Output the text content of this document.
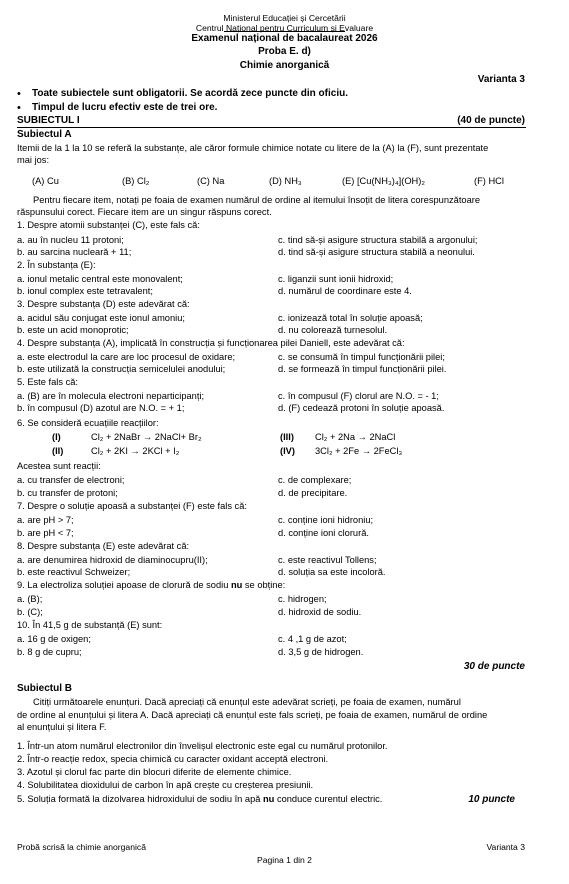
Ministerul Educației și Cercetării
Centrul Național pentru Curriculum și Evaluare
Examenul național de bacalaureat 2026
Proba E. d)
Chimie anorganică
Varianta 3
• Toate subiectele sunt obligatorii. Se acordă zece puncte din oficiu.
• Timpul de lucru efectiv este de trei ore.
SUBIECTUL I	(40 de puncte)
Subiectul A
Itemii de la 1 la 10 se referă la substanțe, ale căror formule chimice notate cu litere de la (A) la (F), sunt prezentate
mai jos:
(A) Cu	(B) Cl₂	(C) Na	(D) NH₃	(E) [Cu(NH₃)₄](OH)₂	(F) HCl
Pentru fiecare item, notați pe foaia de examen numărul de ordine al itemului însoțit de litera corespunzătoare
răspunsului corect. Fiecare item are un singur răspuns corect.
1. Despre atomii substanței (C), este fals că:
a. au în nucleu 11 protoni;	c. tind să-și asigure structura stabilă a argonului;
b. au sarcina nucleară + 11;	d. tind să-și asigure structura stabilă a neonului.
2. În substanța (E):
a. ionul metalic central este monovalent;	c. liganzii sunt ionii hidroxid;
b. ionul complex este tetravalent;	d. numărul de coordinare este 4.
3. Despre substanța (D) este adevărat că:
a. acidul său conjugat este ionul amoniu;	c. ionizează total în soluție apoasă;
b. este un acid monoprotic;	d. nu colorează turnesolul.
4. Despre substanța (A), implicată în construcția și funcționarea pilei Daniell, este adevărat că:
a. este electrodul la care are loc procesul de oxidare;	c. se consumă în timpul funcționării pilei;
b. este utilizată la construcția semicelulei anodului;	d. se formează în timpul funcționării pilei.
5. Este fals că:
a. (B) are în molecula electroni neparticipanți;	c. în compusul (F) clorul are N.O. = - 1;
b. în compusul (D) azotul are N.O. = + 1;	d. (F) cedează protoni în soluție apoasă.
6. Se consideră ecuațiile reacțiilor:
(I)	Cl₂ + 2NaBr → 2NaCl+ Br₂	(III) Cl₂ + 2Na → 2NaCl
(II)	Cl₂ + 2KI → 2KCl + I₂	(IV) 3Cl₂ + 2Fe → 2FeCl₃
Acestea sunt reacții:
a. cu transfer de electroni;	c. de complexare;
b. cu transfer de protoni;	d. de precipitare.
7. Despre o soluție apoasă a substanței (F) este fals că:
a. are pH > 7;	c. conține ioni hidroniu;
b. are pH < 7;	d. conține ioni clorură.
8. Despre substanța (E) este adevărat că:
a. are denumirea hidroxid de diaminocupru(II);	c. este reactivul Tollens;
b. este reactivul Schweizer;	d. soluția sa este incoloră.
9. La electroliza soluției apoase de clorură de sodiu nu se obține:
a. (B);	c. hidrogen;
b. (C);	d. hidroxid de sodiu.
10. În 41,5 g de substanță (E) sunt:
a. 16 g de oxigen;	c. 4 ,1 g de azot;
b. 8 g de cupru;	d. 3,5 g de hidrogen.
30 de puncte
Subiectul B
Citiți următoarele enunțuri. Dacă apreciați că enunțul este adevărat scrieți, pe foaia de examen, numărul
de ordine al enunțului și litera A. Dacă apreciați că enunțul este fals scrieți, pe foaia de examen, numărul de ordine
al enunțului și litera F.
1. Într-un atom numărul electronilor din învelișul electronic este egal cu numărul protonilor.
2. Într-o reacție redox, specia chimică cu caracter oxidant acceptă electroni.
3. Azotul și clorul fac parte din blocuri diferite de elemente chimice.
4. Solubilitatea dioxidului de carbon în apă crește cu creșterea presiunii.
5. Soluția formată la dizolvarea hidroxidului de sodiu în apă nu conduce curentul electric.	10 puncte
Probă scrisă la chimie anorganică	Varianta 3
Pagina 1 din 2
